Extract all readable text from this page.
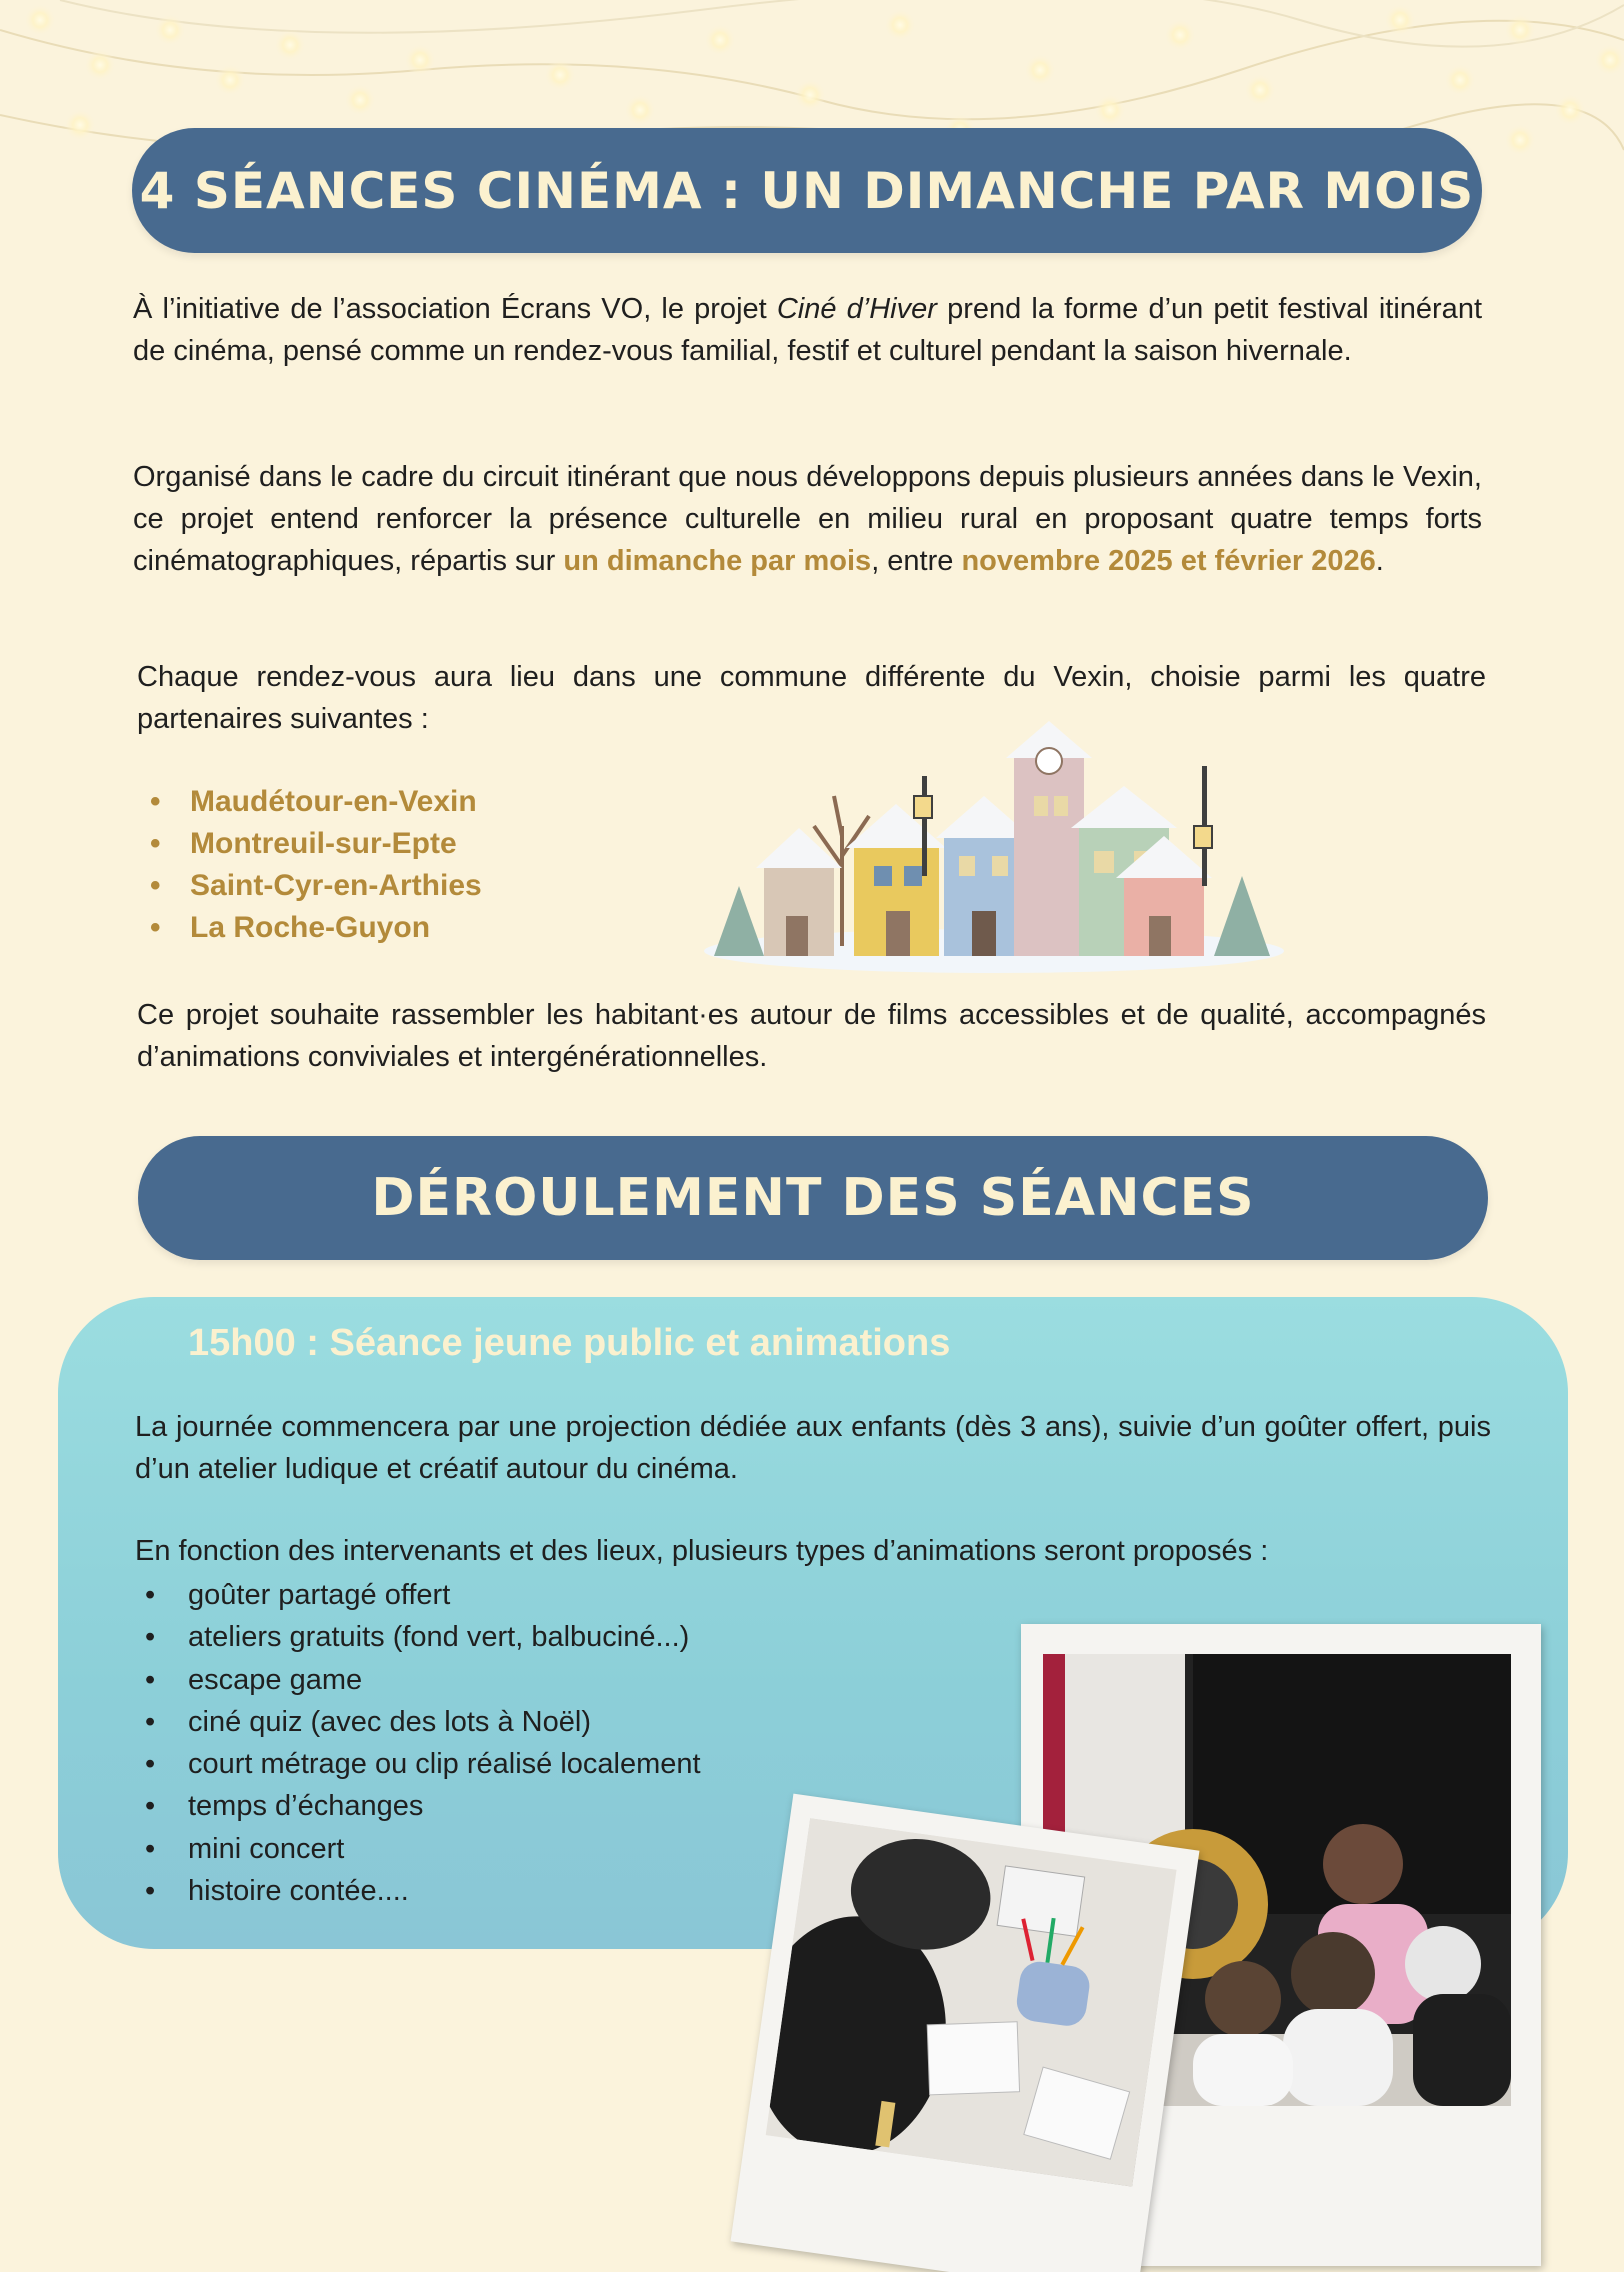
4 SÉANCES CINÉMA : UN DIMANCHE PAR MOIS

À l’initiative de l’association Écrans VO, le projet Ciné d’Hiver prend la forme d’un petit festival itinérant de cinéma, pensé comme un rendez-vous familial, festif et culturel pendant la saison hivernale.

Organisé dans le cadre du circuit itinérant que nous développons depuis plusieurs années dans le Vexin, ce projet entend renforcer la présence culturelle en milieu rural en proposant quatre temps forts cinématographiques, répartis sur un dimanche par mois, entre novembre 2025 et février 2026.

Chaque rendez-vous aura lieu dans une commune différente du Vexin, choisie parmi les quatre partenaires suivantes :

• Maudétour-en-Vexin
• Montreuil-sur-Epte
• Saint-Cyr-en-Arthies
• La Roche-Guyon

Ce projet souhaite rassembler les habitant·es autour de films accessibles et de qualité, accompagnés d’animations conviviales et intergénérationnelles.

DÉROULEMENT DES SÉANCES
15h00 : Séance jeune public et animations

La journée commencera par une projection dédiée aux enfants (dès 3 ans), suivie d’un goûter offert, puis d’un atelier ludique et créatif autour du cinéma.

En fonction des intervenants et des lieux, plusieurs types d’animations seront proposés :

• goûter partagé offert
• ateliers gratuits (fond vert, balbuciné...)
• escape game
• ciné quiz (avec des lots à Noël)
• court métrage ou clip réalisé localement
• temps d’échanges
• mini concert
• histoire contée....
